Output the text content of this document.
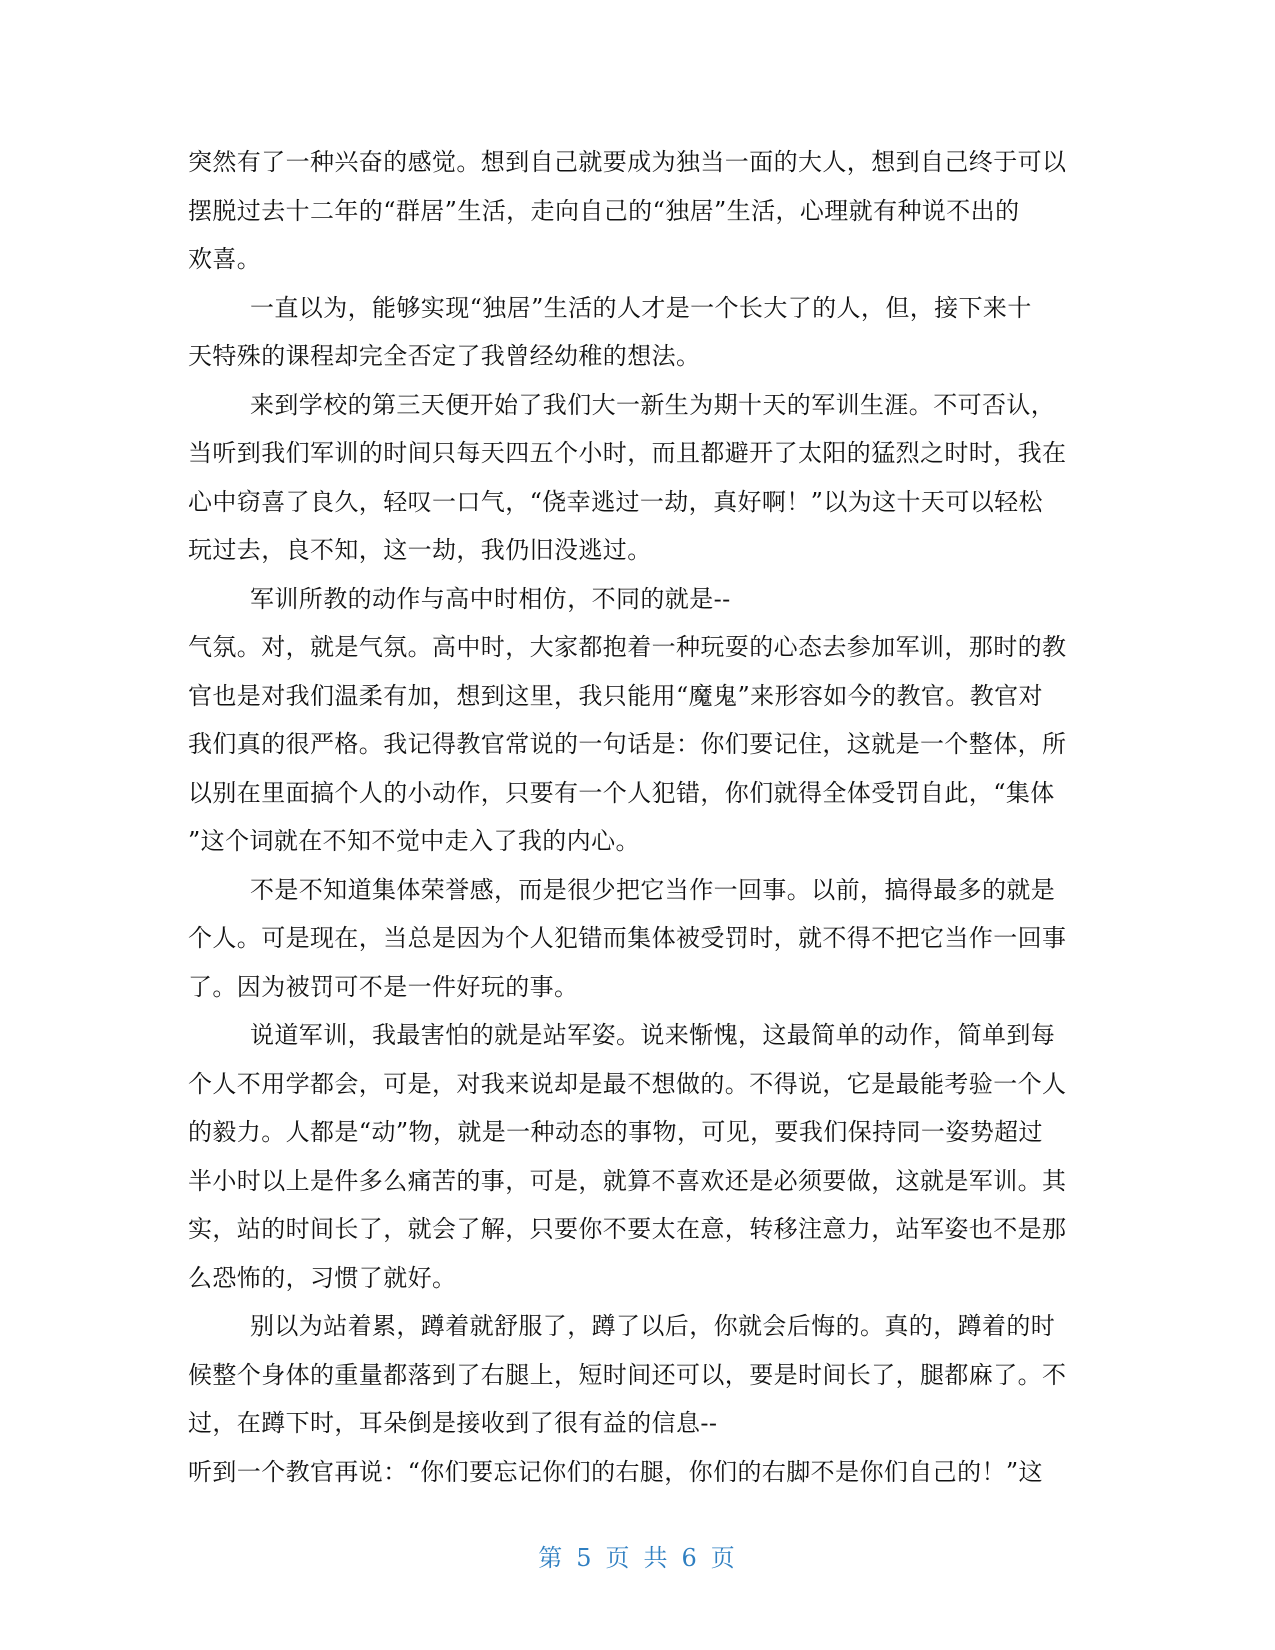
突然有了一种兴奋的感觉。想到自己就要成为独当一面的大人，想到自己终于可以
摆脱过去十二年的“群居”生活，走向自己的“独居”生活，心理就有种说不出的
欢喜。
一直以为，能够实现“独居”生活的人才是一个长大了的人，但，接下来十
天特殊的课程却完全否定了我曾经幼稚的想法。
来到学校的第三天便开始了我们大一新生为期十天的军训生涯。不可否认，
当听到我们军训的时间只每天四五个小时，而且都避开了太阳的猛烈之时时，我在
心中窃喜了良久，轻叹一口气，“侥幸逃过一劫，真好啊！”以为这十天可以轻松
玩过去，良不知，这一劫，我仍旧没逃过。
军训所教的动作与高中时相仿，不同的就是--
气氛。对，就是气氛。高中时，大家都抱着一种玩耍的心态去参加军训，那时的教
官也是对我们温柔有加，想到这里，我只能用“魔鬼”来形容如今的教官。教官对
我们真的很严格。我记得教官常说的一句话是：你们要记住，这就是一个整体，所
以别在里面搞个人的小动作，只要有一个人犯错，你们就得全体受罚自此，“集体
”这个词就在不知不觉中走入了我的内心。
不是不知道集体荣誉感，而是很少把它当作一回事。以前，搞得最多的就是
个人。可是现在，当总是因为个人犯错而集体被受罚时，就不得不把它当作一回事
了。因为被罚可不是一件好玩的事。
说道军训，我最害怕的就是站军姿。说来惭愧，这最简单的动作，简单到每
个人不用学都会，可是，对我来说却是最不想做的。不得说，它是最能考验一个人
的毅力。人都是“动”物，就是一种动态的事物，可见，要我们保持同一姿势超过
半小时以上是件多么痛苦的事，可是，就算不喜欢还是必须要做，这就是军训。其
实，站的时间长了，就会了解，只要你不要太在意，转移注意力，站军姿也不是那
么恐怖的，习惯了就好。
别以为站着累，蹲着就舒服了，蹲了以后，你就会后悔的。真的，蹲着的时
候整个身体的重量都落到了右腿上，短时间还可以，要是时间长了，腿都麻了。不
过，在蹲下时，耳朵倒是接收到了很有益的信息--
听到一个教官再说：“你们要忘记你们的右腿，你们的右脚不是你们自己的！”这
第 5 页 共 6 页
